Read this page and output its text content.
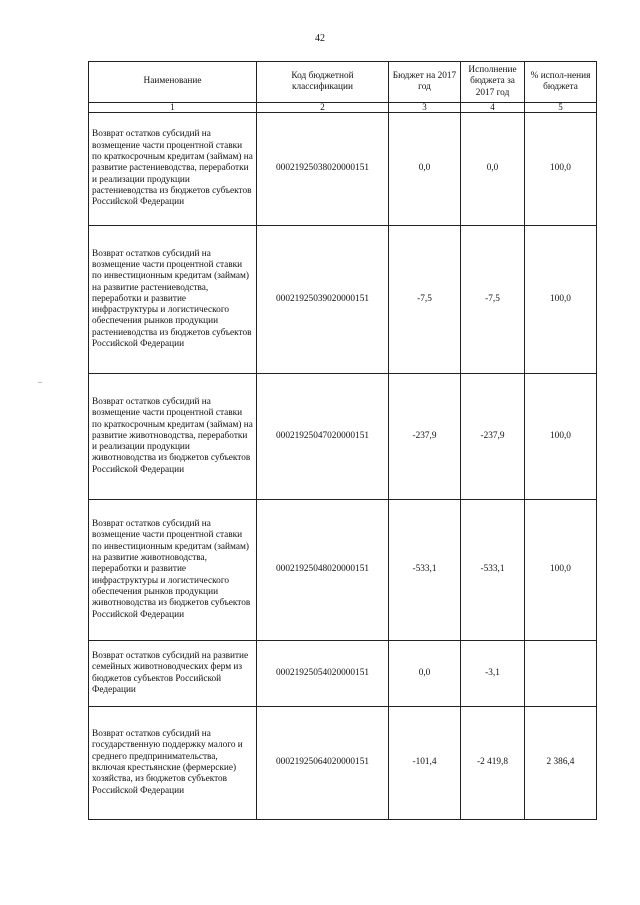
42
Наименование	Код бюджетной классификации	Бюджет на 2017 год	Исполнение бюджета за 2017 год	% испол-нения бюджета
1	2	3	4	5
Возврат остатков субсидий на возмещение части процентной ставки по краткосрочным кредитам (займам) на развитие растениеводства, переработки и реализации продукции растениеводства из бюджетов субъектов Российской Федерации	00021925038020000151	0,0	0,0	100,0
Возврат остатков субсидий на возмещение части процентной ставки по инвестиционным кредитам (займам) на развитие растениеводства, переработки и развитие инфраструктуры и логистического обеспечения рынков продукции растениеводства из бюджетов субъектов Российской Федерации	00021925039020000151	-7,5	-7,5	100,0
Возврат остатков субсидий на возмещение части процентной ставки по краткосрочным кредитам (займам) на развитие животноводства, переработки и реализации продукции животноводства из бюджетов субъектов Российской Федерации	00021925047020000151	-237,9	-237,9	100,0
Возврат остатков субсидий на возмещение части процентной ставки по инвестиционным кредитам (займам) на развитие животноводства, переработки и развитие инфраструктуры и логистического обеспечения рынков продукции животноводства из бюджетов субъектов Российской Федерации	00021925048020000151	-533,1	-533,1	100,0
Возврат остатков субсидий на развитие семейных животноводческих ферм из бюджетов субъектов Российской Федерации	00021925054020000151	0,0	-3,1	
Возврат остатков субсидий на государственную поддержку малого и среднего предпринимательства, включая крестьянские (фермерские) хозяйства, из бюджетов субъектов Российской Федерации	00021925064020000151	-101,4	-2 419,8	2 386,4
